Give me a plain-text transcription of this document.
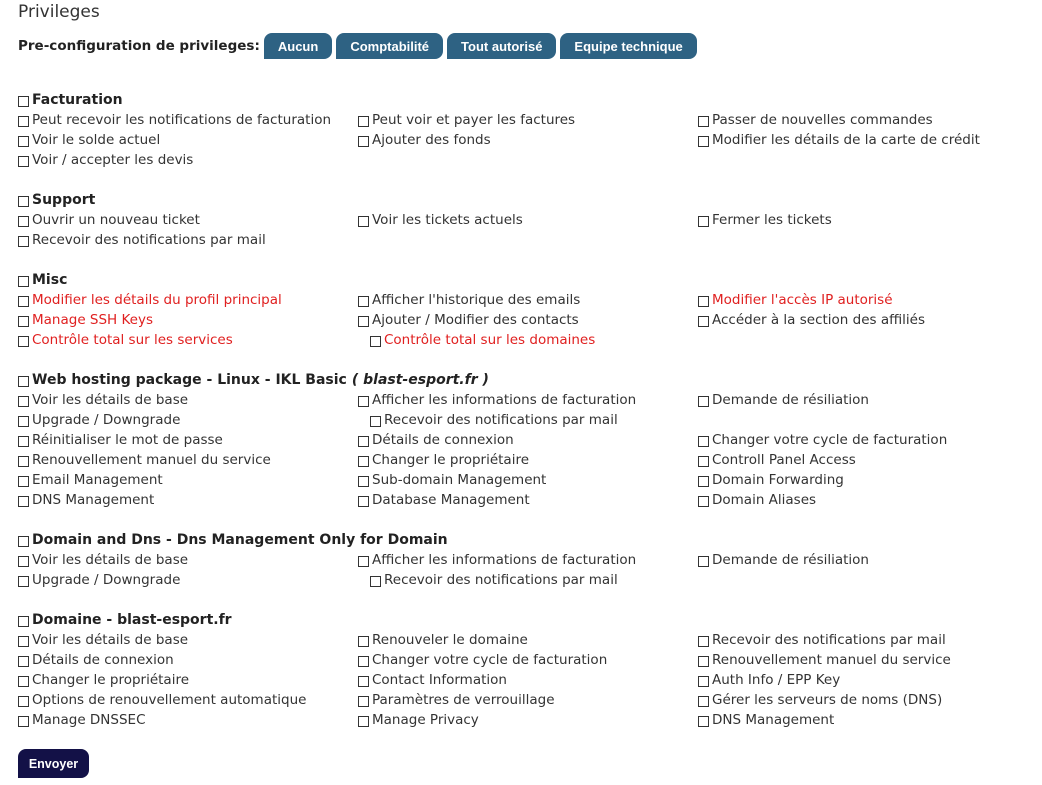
Privileges
Pre-configuration de privileges:	Aucun	Comptabilité	Tout autorisé	Equipe technique
Facturation
Peut recevoir les notifications de facturation	Peut voir et payer les factures	Passer de nouvelles commandes
Voir le solde actuel	Ajouter des fonds	Modifier les détails de la carte de crédit
Voir / accepter les devis
Support
Ouvrir un nouveau ticket	Voir les tickets actuels	Fermer les tickets
Recevoir des notifications par mail
Misc
Modifier les détails du profil principal	Afficher l'historique des emails	Modifier l'accès IP autorisé
Manage SSH Keys	Ajouter / Modifier des contacts	Accéder à la section des affiliés
Contrôle total sur les services	Contrôle total sur les domaines
Web hosting package - Linux - IKL Basic ( blast-esport.fr )
Voir les détails de base	Afficher les informations de facturation	Demande de résiliation
Upgrade / Downgrade	Recevoir des notifications par mail
Réinitialiser le mot de passe	Détails de connexion	Changer votre cycle de facturation
Renouvellement manuel du service	Changer le propriétaire	Controll Panel Access
Email Management	Sub-domain Management	Domain Forwarding
DNS Management	Database Management	Domain Aliases
Domain and Dns - Dns Management Only for Domain
Voir les détails de base	Afficher les informations de facturation	Demande de résiliation
Upgrade / Downgrade	Recevoir des notifications par mail
Domaine - blast-esport.fr
Voir les détails de base	Renouveler le domaine	Recevoir des notifications par mail
Détails de connexion	Changer votre cycle de facturation	Renouvellement manuel du service
Changer le propriétaire	Contact Information	Auth Info / EPP Key
Options de renouvellement automatique	Paramètres de verrouillage	Gérer les serveurs de noms (DNS)
Manage DNSSEC	Manage Privacy	DNS Management
Envoyer
